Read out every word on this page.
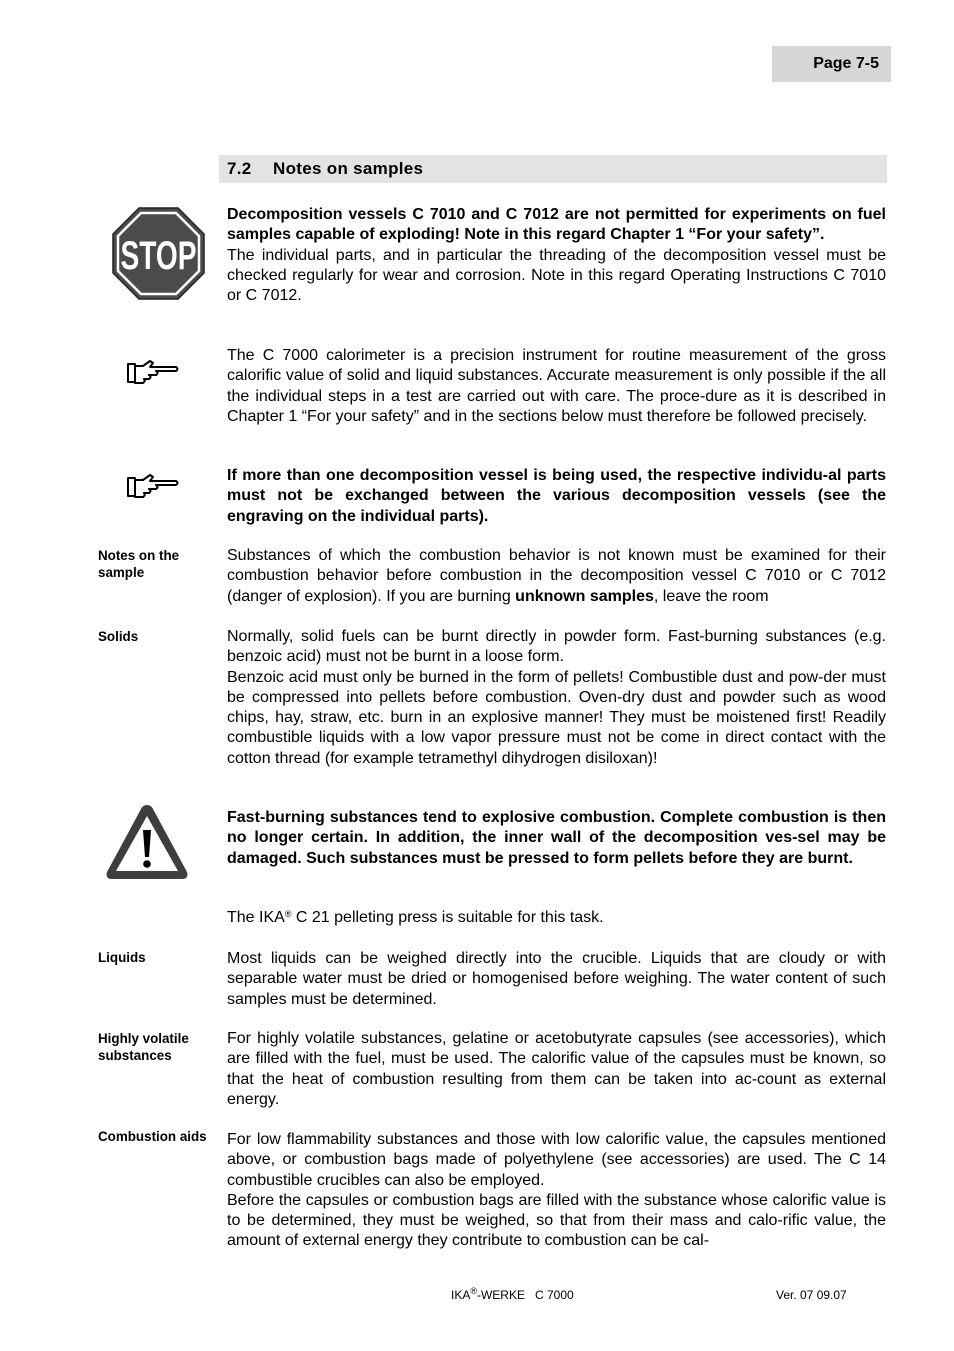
Page 7-5
7.2 Notes on samples
STOP

Decomposition vessels C 7010 and C 7012 are not permitted for experiments on fuel samples capable of exploding! Note in this regard Chapter 1 “For your safety”.

The individual parts, and in particular the threading of the decomposition vessel must be checked regularly for wear and corrosion. Note in this regard Operating Instructions C 7010 or C 7012.

The C 7000 calorimeter is a precision instrument for routine measurement of the gross calorific value of solid and liquid substances. Accurate measurement is only possible if the all the individual steps in a test are carried out with care. The proce-dure as it is described in Chapter 1 “For your safety” and in the sections below must therefore be followed precisely.

If more than one decomposition vessel is being used, the respective individu-al parts must not be exchanged between the various decomposition vessels (see the engraving on the individual parts).

Notes on the sample

Substances of which the combustion behavior is not known must be examined for their combustion behavior before combustion in the decomposition vessel C 7010 or C 7012 (danger of explosion). If you are burning unknown samples, leave the room

Solids	Normally, solid fuels can be burnt directly in powder form. Fast-burning substances (e.g. benzoic acid) must not be burnt in a loose form.

Benzoic acid must only be burned in the form of pellets! Combustible dust and pow-der must be compressed into pellets before combustion. Oven-dry dust and powder such as wood chips, hay, straw, etc. burn in an explosive manner! They must be moistened first! Readily combustible liquids with a low vapor pressure must not be come in direct contact with the cotton thread (for example tetramethyl dihydrogen disiloxan)!

Fast-burning substances tend to explosive combustion. Complete combustion is then no longer certain. In addition, the inner wall of the decomposition ves-sel may be damaged. Such substances must be pressed to form pellets before they are burnt.

The IKA® C 21 pelleting press is suitable for this task.

Liquids	Most liquids can be weighed directly into the crucible. Liquids that are cloudy or with separable water must be dried or homogenised before weighing. The water content of such samples must be determined.

Highly volatile substances

For highly volatile substances, gelatine or acetobutyrate capsules (see accessories), which are filled with the fuel, must be used. The calorific value of the capsules must be known, so that the heat of combustion resulting from them can be taken into ac-count as external energy.

Combustion aids	For low flammability substances and those with low calorific value, the capsules mentioned above, or combustion bags made of polyethylene (see accessories) are used. The C 14 combustible crucibles can also be employed.

Before the capsules or combustion bags are filled with the substance whose calorific value is to be determined, they must be weighed, so that from their mass and calo-rific value, the amount of external energy they contribute to combustion can be cal-

IKA®-WERKE   C 7000	Ver. 07 09.07
